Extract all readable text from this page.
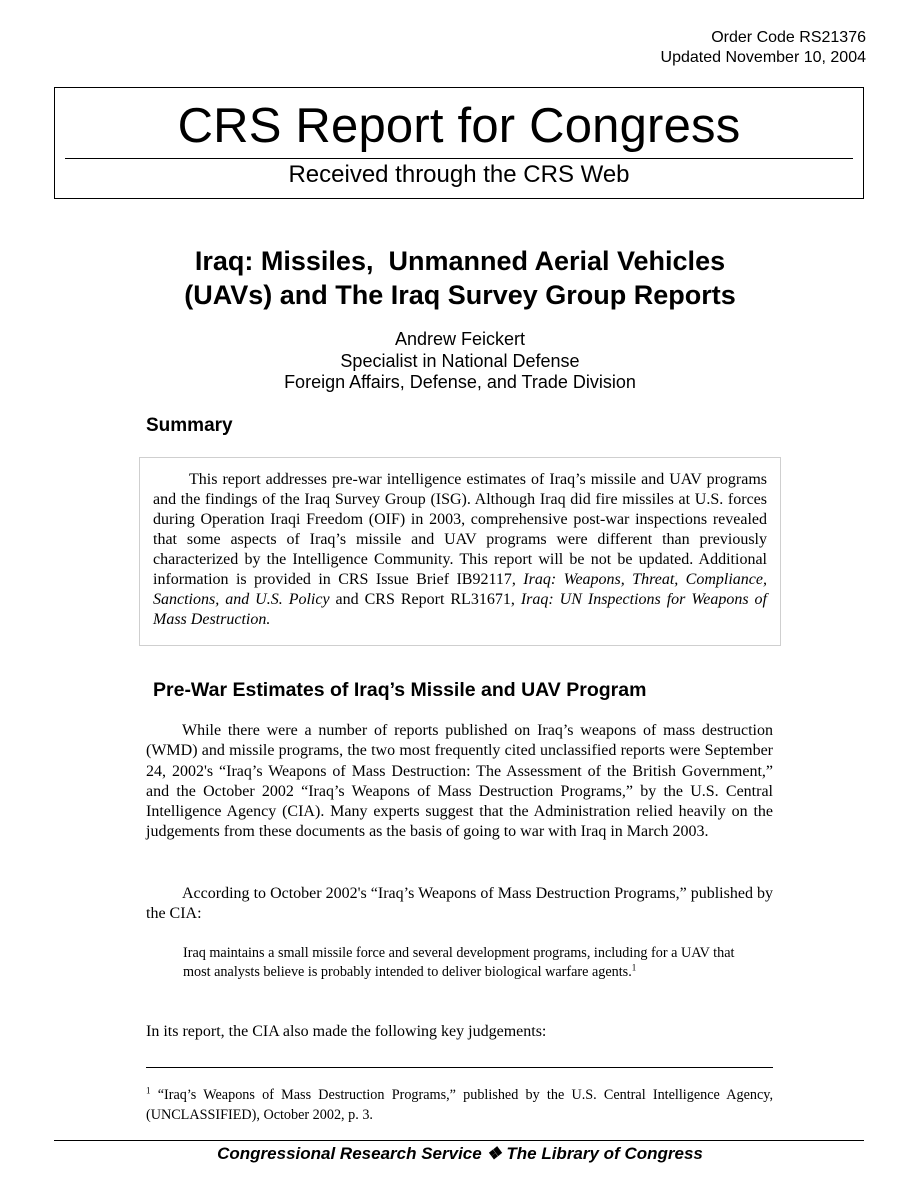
Order Code RS21376
Updated November 10, 2004
CRS Report for Congress
Received through the CRS Web
Iraq: Missiles,  Unmanned Aerial Vehicles
(UAVs) and The Iraq Survey Group Reports
Andrew Feickert
Specialist in National Defense
Foreign Affairs, Defense, and Trade Division
Summary
This report addresses pre-war intelligence estimates of Iraq’s missile and UAV programs and the findings of the Iraq Survey Group (ISG). Although Iraq did fire missiles at U.S. forces during Operation Iraqi Freedom (OIF) in 2003, comprehensive post-war inspections revealed that some aspects of Iraq’s missile and UAV programs were different than previously characterized by the Intelligence Community. This report will be not be updated. Additional information is provided in CRS Issue Brief IB92117, Iraq: Weapons, Threat, Compliance, Sanctions, and U.S. Policy and CRS Report RL31671, Iraq: UN Inspections for Weapons of Mass Destruction.
Pre-War Estimates of Iraq’s Missile and UAV Program
While there were a number of reports published on Iraq’s weapons of mass destruction (WMD) and missile programs, the two most frequently cited unclassified reports were September 24, 2002's “Iraq’s Weapons of Mass Destruction: The Assessment of the British Government,” and the October 2002 “Iraq’s Weapons of Mass Destruction Programs,” by the U.S. Central Intelligence Agency (CIA). Many experts suggest that the Administration relied heavily on the judgements from these documents as the basis of going to war with Iraq in March 2003.
According to October 2002's “Iraq’s Weapons of Mass Destruction Programs,” published by the CIA:
Iraq maintains a small missile force and several development programs, including for a UAV that most analysts believe is probably intended to deliver biological warfare agents.$^1$
In its report, the CIA also made the following key judgements:
$^1$ “Iraq’s Weapons of Mass Destruction Programs,” published by the U.S. Central Intelligence Agency,(UNCLASSIFIED), October 2002, p. 3.
Congressional Research Service ❖ The Library of Congress
